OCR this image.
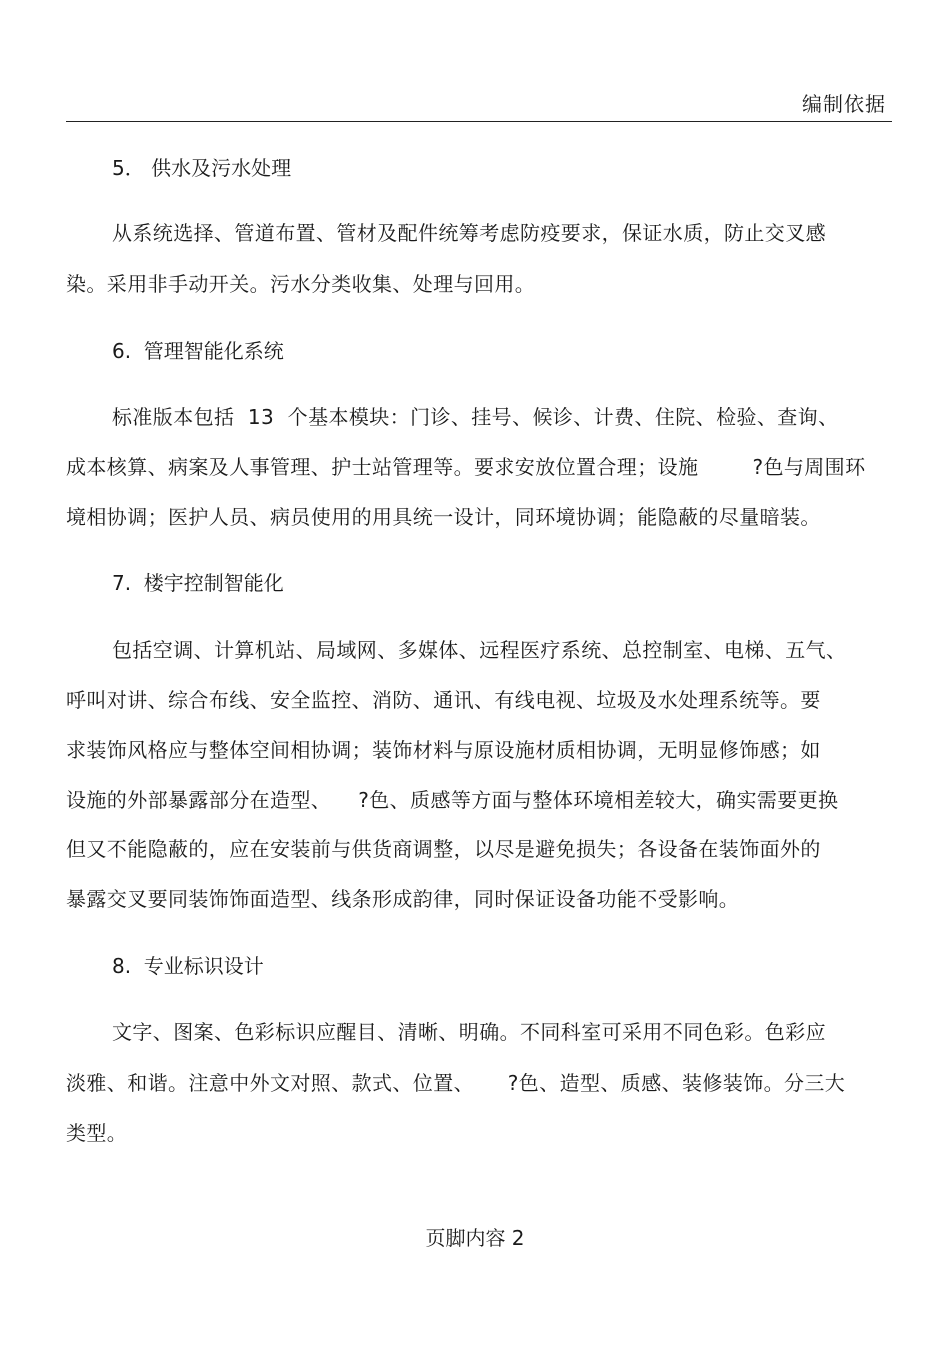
编制依据
5． 供水及污水处理
从系统选择、管道布置、管材及配件统筹考虑防疫要求，保证水质，防止交叉感
染。采用非手动开关。污水分类收集、处理与回用。
6.  管理智能化系统
标准版本包括  13  个基本模块：门诊、挂号、候诊、计费、住院、检验、查询、
成本核算、病案及人事管理、护士站管理等。要求安放位置合理；设施        ?色与周围环
境相协调；医护人员、病员使用的用具统一设计，同环境协调；能隐蔽的尽量暗装。
7.  楼宇控制智能化
包括空调、计算机站、局域网、多媒体、远程医疗系统、总控制室、电梯、五气、
呼叫对讲、综合布线、安全监控、消防、通讯、有线电视、垃圾及水处理系统等。要
求装饰风格应与整体空间相协调；装饰材料与原设施材质相协调，无明显修饰感；如
设施的外部暴露部分在造型、    ?色、质感等方面与整体环境相差较大，确实需要更换
但又不能隐蔽的，应在安装前与供货商调整，以尽是避免损失；各设备在装饰面外的
暴露交叉要同装饰饰面造型、线条形成韵律，同时保证设备功能不受影响。
8.  专业标识设计
文字、图案、色彩标识应醒目、清晰、明确。不同科室可采用不同色彩。色彩应
淡雅、和谐。注意中外文对照、款式、位置、     ?色、造型、质感、装修装饰。分三大
类型。
页脚内容 2
